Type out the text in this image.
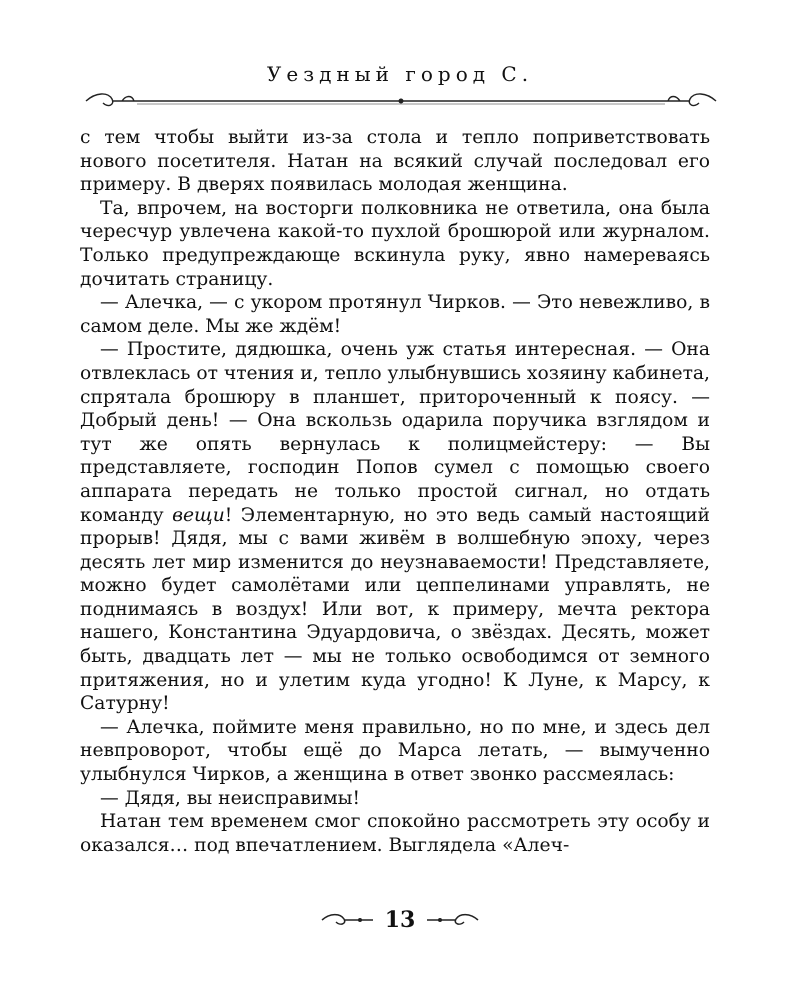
Уездный город С.

с тем чтобы выйти из-за стола и тепло поприветствовать нового посетителя. Натан на всякий случай последовал его примеру. В дверях появилась молодая женщина.

Та, впрочем, на восторги полковника не ответила, она была чересчур увлечена какой-то пухлой брошюрой или журналом. Только предупреждающе вскинула руку, явно намереваясь дочитать страницу.

— Алечка, — с укором протянул Чирков. — Это невежливо, в самом деле. Мы же ждём!

— Простите, дядюшка, очень уж статья интересная. — Она отвлеклась от чтения и, тепло улыбнувшись хозяину кабинета, спрятала брошюру в планшет, притороченный к поясу. — Добрый день! — Она вскользь одарила поручика взглядом и тут же опять вернулась к полицмейстеру: — Вы представляете, господин Попов сумел с помощью своего аппарата передать не только простой сигнал, но отдать команду вещи! Элементарную, но это ведь самый настоящий прорыв! Дядя, мы с вами живём в волшебную эпоху, через десять лет мир изменится до неузнаваемости! Представляете, можно будет самолётами или цеппелинами управлять, не поднимаясь в воздух! Или вот, к примеру, мечта ректора нашего, Константина Эдуардовича, о звёздах. Десять, может быть, двадцать лет — мы не только освободимся от земного притяжения, но и улетим куда угодно! К Луне, к Марсу, к Сатурну!

— Алечка, поймите меня правильно, но по мне, и здесь дел невпроворот, чтобы ещё до Марса летать, — вымученно улыбнулся Чирков, а женщина в ответ звонко рассмеялась:

— Дядя, вы неисправимы!

Натан тем временем смог спокойно рассмотреть эту особу и оказался… под впечатлением. Выглядела «Алеч-

13
